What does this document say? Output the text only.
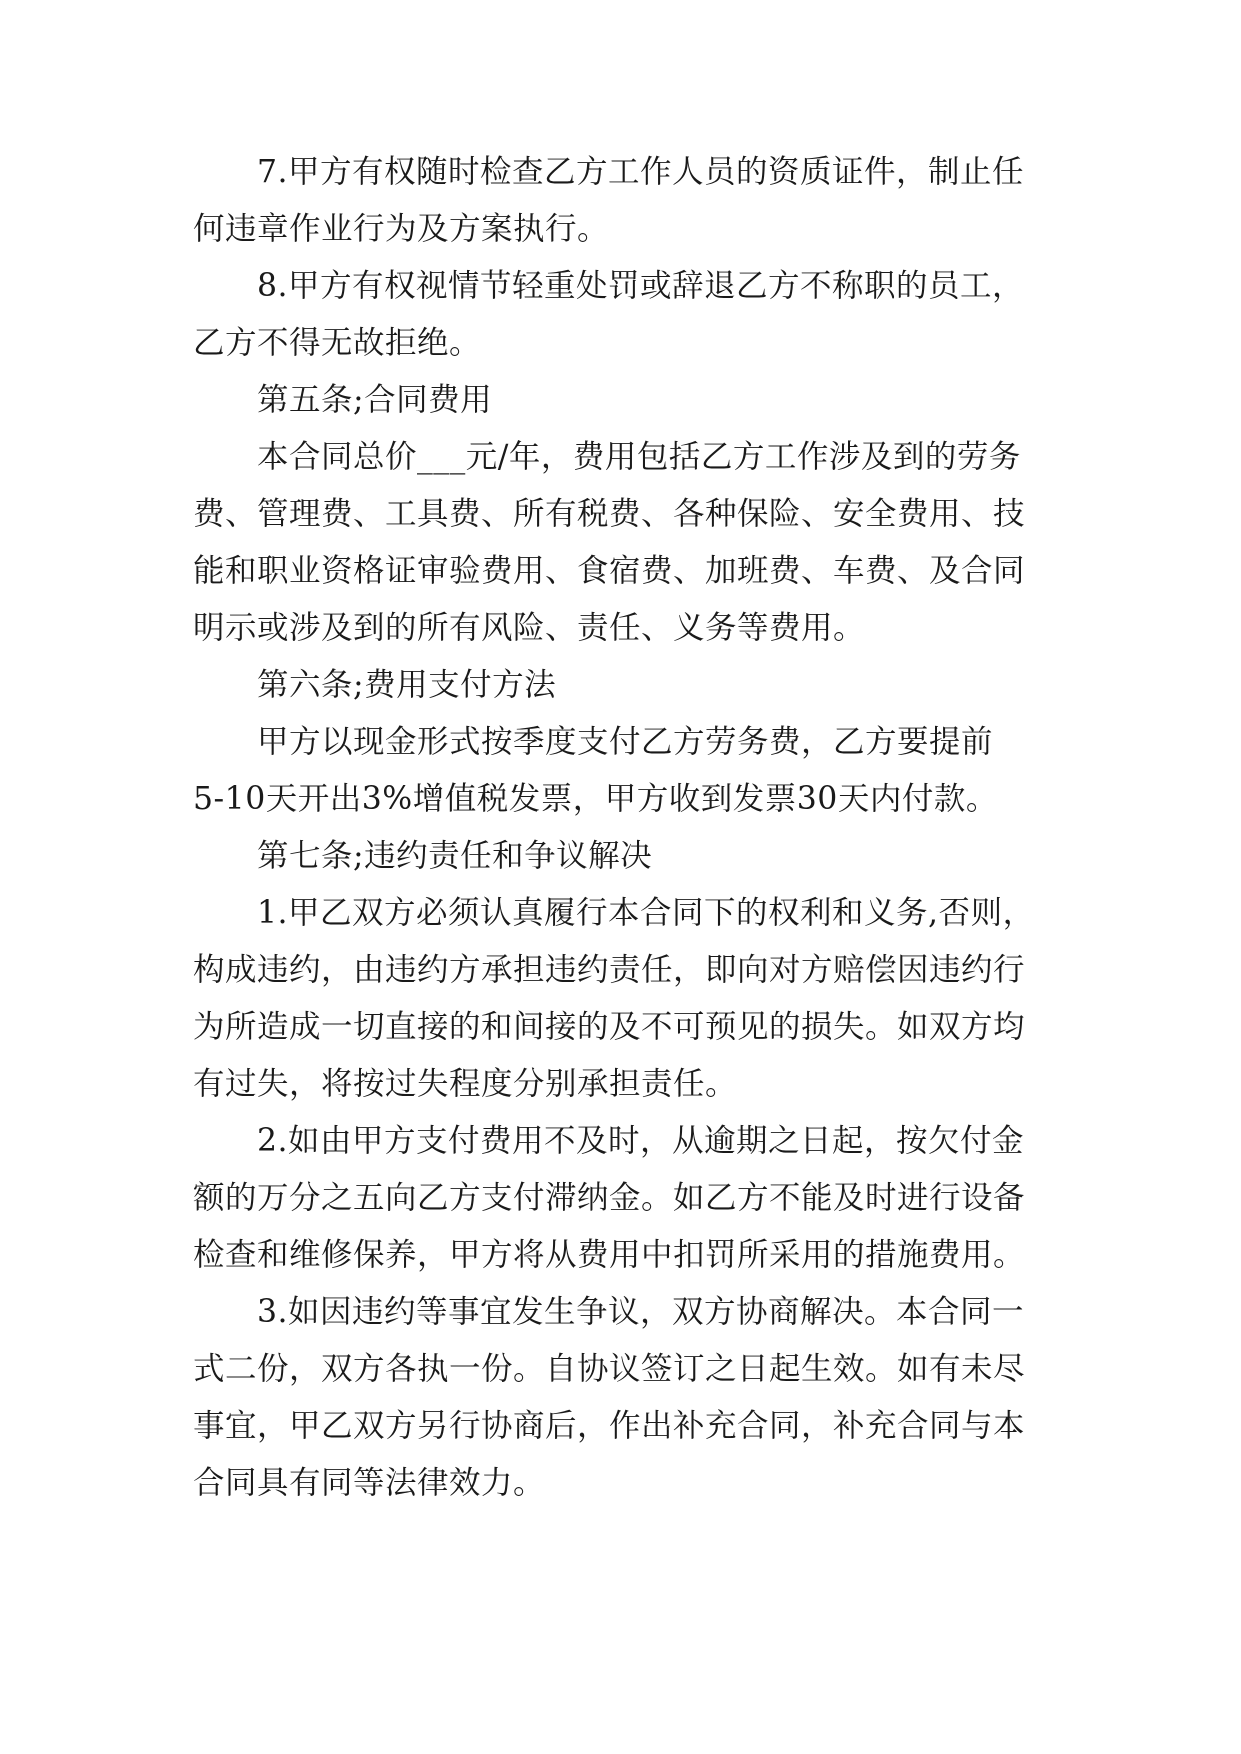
7.甲方有权随时检查乙方工作人员的资质证件，制止任
何违章作业行为及方案执行。
8.甲方有权视情节轻重处罚或辞退乙方不称职的员工，
乙方不得无故拒绝。
第五条;合同费用
本合同总价___元/年，费用包括乙方工作涉及到的劳务
费、管理费、工具费、所有税费、各种保险、安全费用、技
能和职业资格证审验费用、食宿费、加班费、车费、及合同
明示或涉及到的所有风险、责任、义务等费用。
第六条;费用支付方法
甲方以现金形式按季度支付乙方劳务费，乙方要提前
5-10天开出3%增值税发票，甲方收到发票30天内付款。
第七条;违约责任和争议解决
1.甲乙双方必须认真履行本合同下的权利和义务,否则，
构成违约，由违约方承担违约责任，即向对方赔偿因违约行
为所造成一切直接的和间接的及不可预见的损失。如双方均
有过失，将按过失程度分别承担责任。
2.如由甲方支付费用不及时，从逾期之日起，按欠付金
额的万分之五向乙方支付滞纳金。如乙方不能及时进行设备
检查和维修保养，甲方将从费用中扣罚所采用的措施费用。
3.如因违约等事宜发生争议，双方协商解决。本合同一
式二份，双方各执一份。自协议签订之日起生效。如有未尽
事宜，甲乙双方另行协商后，作出补充合同，补充合同与本
合同具有同等法律效力。
